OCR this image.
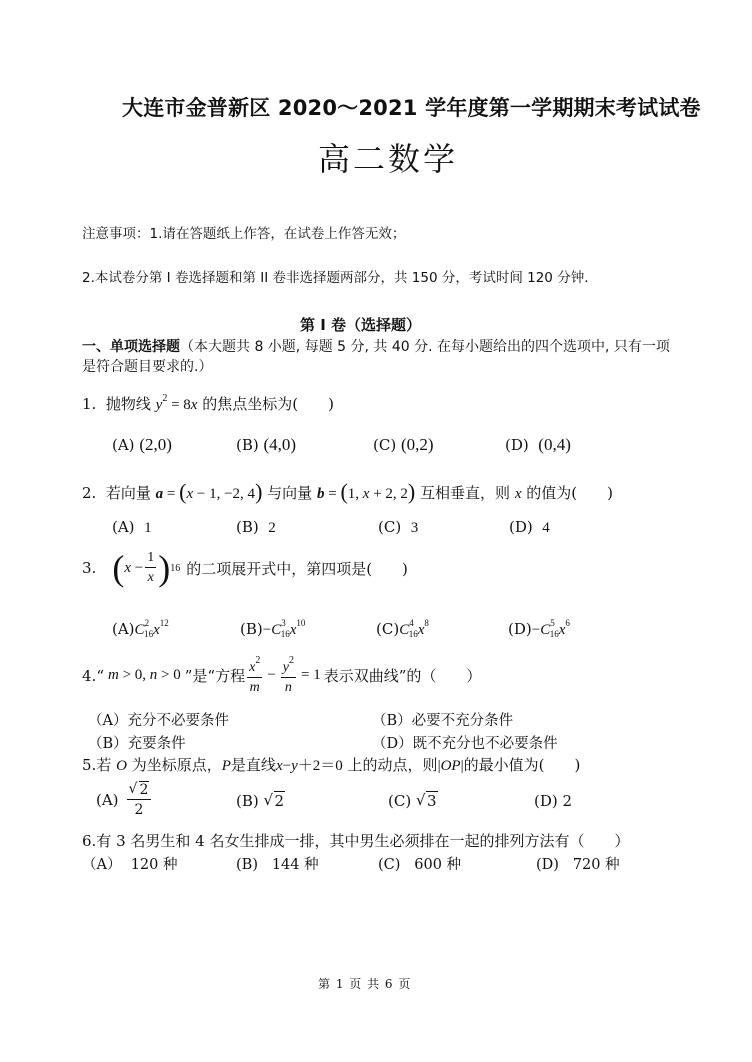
大连市金普新区 2020～2021 学年度第一学期期末考试试卷
高二数学
注意事项：1.请在答题纸上作答，在试卷上作答无效；
2.本试卷分第 I 卷选择题和第 II 卷非选择题两部分，共 150 分，考试时间 120 分钟.
第 I 卷（选择题）
一、单项选择题（本大题共 8 小题, 每题 5 分, 共 40 分. 在每小题给出的四个选项中, 只有一项是符合题目要求的.）
1. 抛物线 $y^2 = 8x$ 的焦点坐标为(　　)
(A) (2,0)	(B) (4,0)	(C) (0,2)	(D) (0,4)
2. 若向量 a = (x − 1, −2, 4) 与向量 b = (1, x + 2, 2) 互相垂直，则 x 的值为(　　)
(A) 1	(B) 2	(C) 3	(D) 4
3. ( $x - \frac{1}{x}$ ) 16 的二项展开式中，第四项是(　　)
$(A)C^2_{16}x^{12}$	$(B)-C^3_{16}x^{10}$	$(C)C^4_{16}x^8$	$(D)-C^5_{16}x^6$
4. “ m > 0, n > 0 ”是“方程 $\frac{x^2}{m} - \frac{y^2}{n} = 1$ 表示双曲线”的（　　）
（A）充分不必要条件	（B）必要不充分条件
（B）充要条件	（D）既不充分也不必要条件
5.若 O 为坐标原点，P是直线x−y＋2＝0 上的动点，则|OP|的最小值为(　　)
(A) √ $\frac{2}{2}$	(B) √ 2	(C) √ 3	(D) 2
6.有 3 名男生和 4 名女生排成一排，其中男生必须排在一起的排列方法有（　　）
（A） 120 种	(B) 144 种	(C) 600 种	(D) 720 种
第 1 页 共 6 页
